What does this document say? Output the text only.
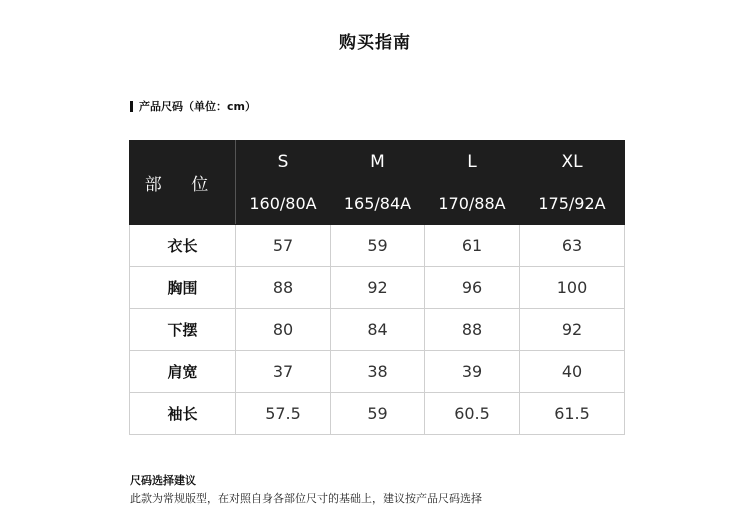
购买指南
产品尺码（单位：cm）
部 位	S	M	L	XL
	160/80A	165/84A	170/88A	175/92A
衣长	57	59	61	63
胸围	88	92	96	100
下摆	80	84	88	92
肩宽	37	38	39	40
袖长	57.5	59	60.5	61.5
尺码选择建议
此款为常规版型，在对照自身各部位尺寸的基础上，建议按产品尺码选择
